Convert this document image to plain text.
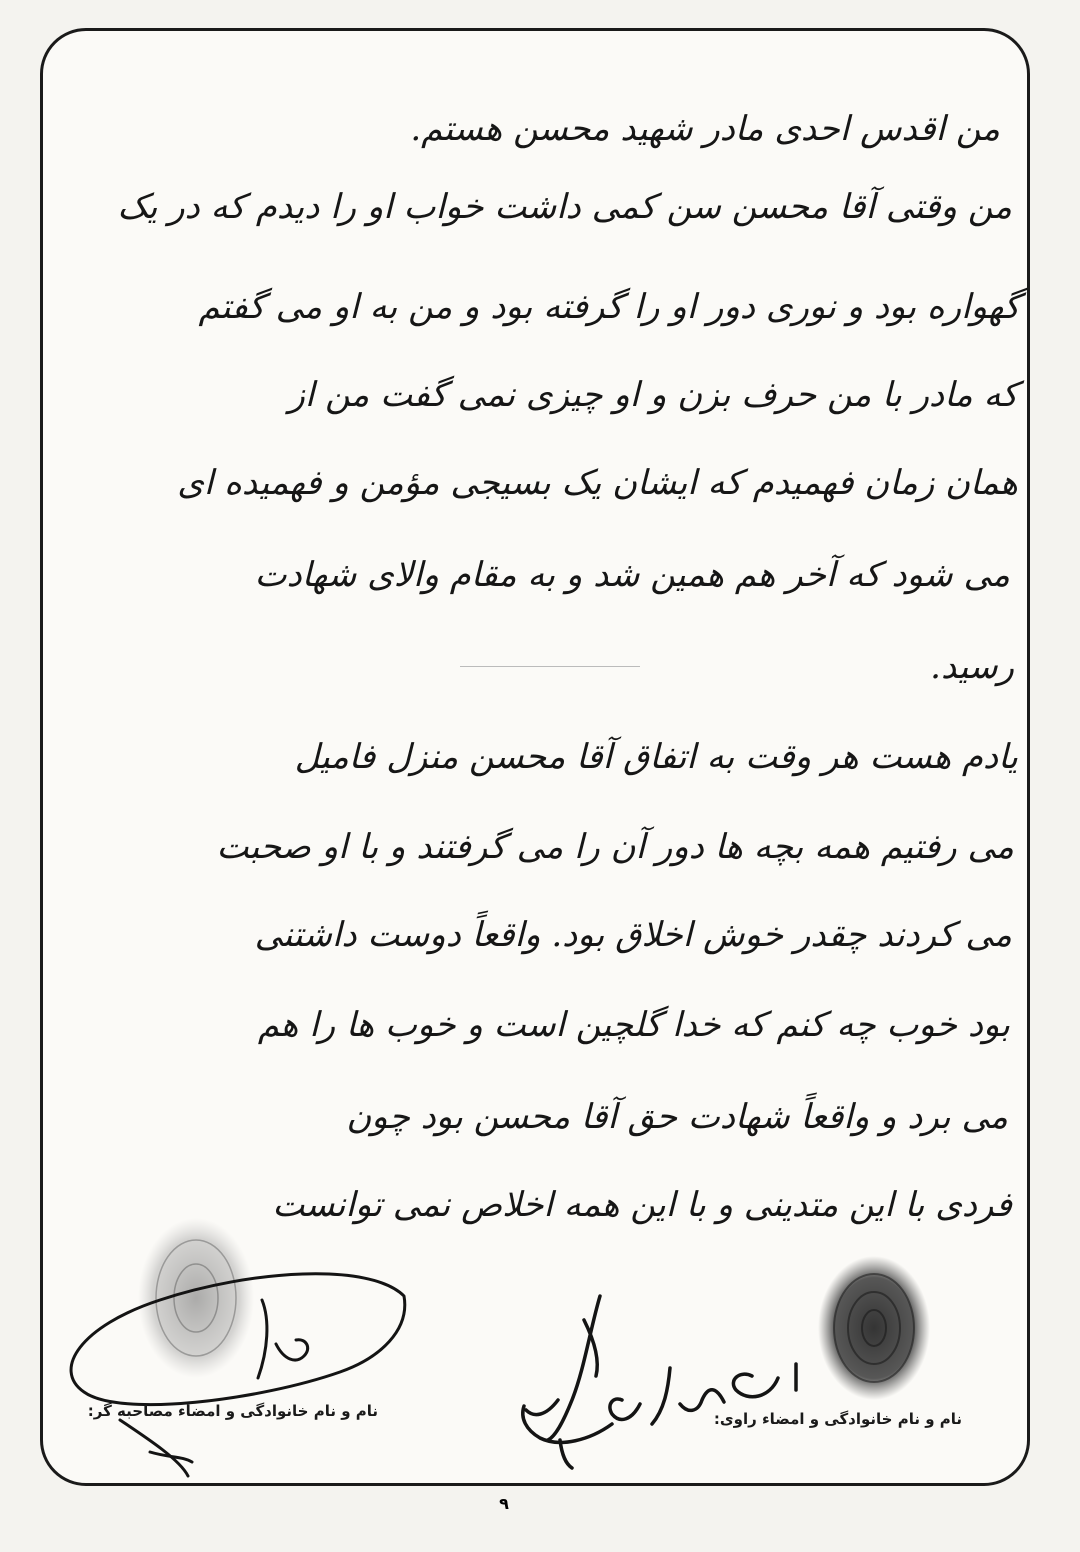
من اقدس احدی مادر شهید محسن هستم.
من وقتی آقا محسن سن کمی داشت خواب او را دیدم که در یک
گهواره بود و نوری دور او را گرفته بود و من به او می گفتم
که مادر با من حرف بزن و او چیزی نمی گفت من از
همان زمان فهمیدم که ایشان یک بسیجی مؤمن و فهمیده ای
می شود که آخر هم همین شد و به مقام والای شهادت
رسید.
یادم هست هر وقت به اتفاق آقا محسن منزل فامیل
می رفتیم همه بچه ها دور آن را می گرفتند و با او صحبت
می کردند چقدر خوش اخلاق بود. واقعاً دوست داشتنی
بود خوب چه کنم که خدا گلچین است و خوب ها را هم
می برد و واقعاً شهادت حق آقا محسن بود چون
فردی با این متدینی و با این همه اخلاص نمی توانست
نام و نام خانوادگی و امضاء راوی:
نام و نام خانوادگی و امضاء مصاحبه گر:
۹
